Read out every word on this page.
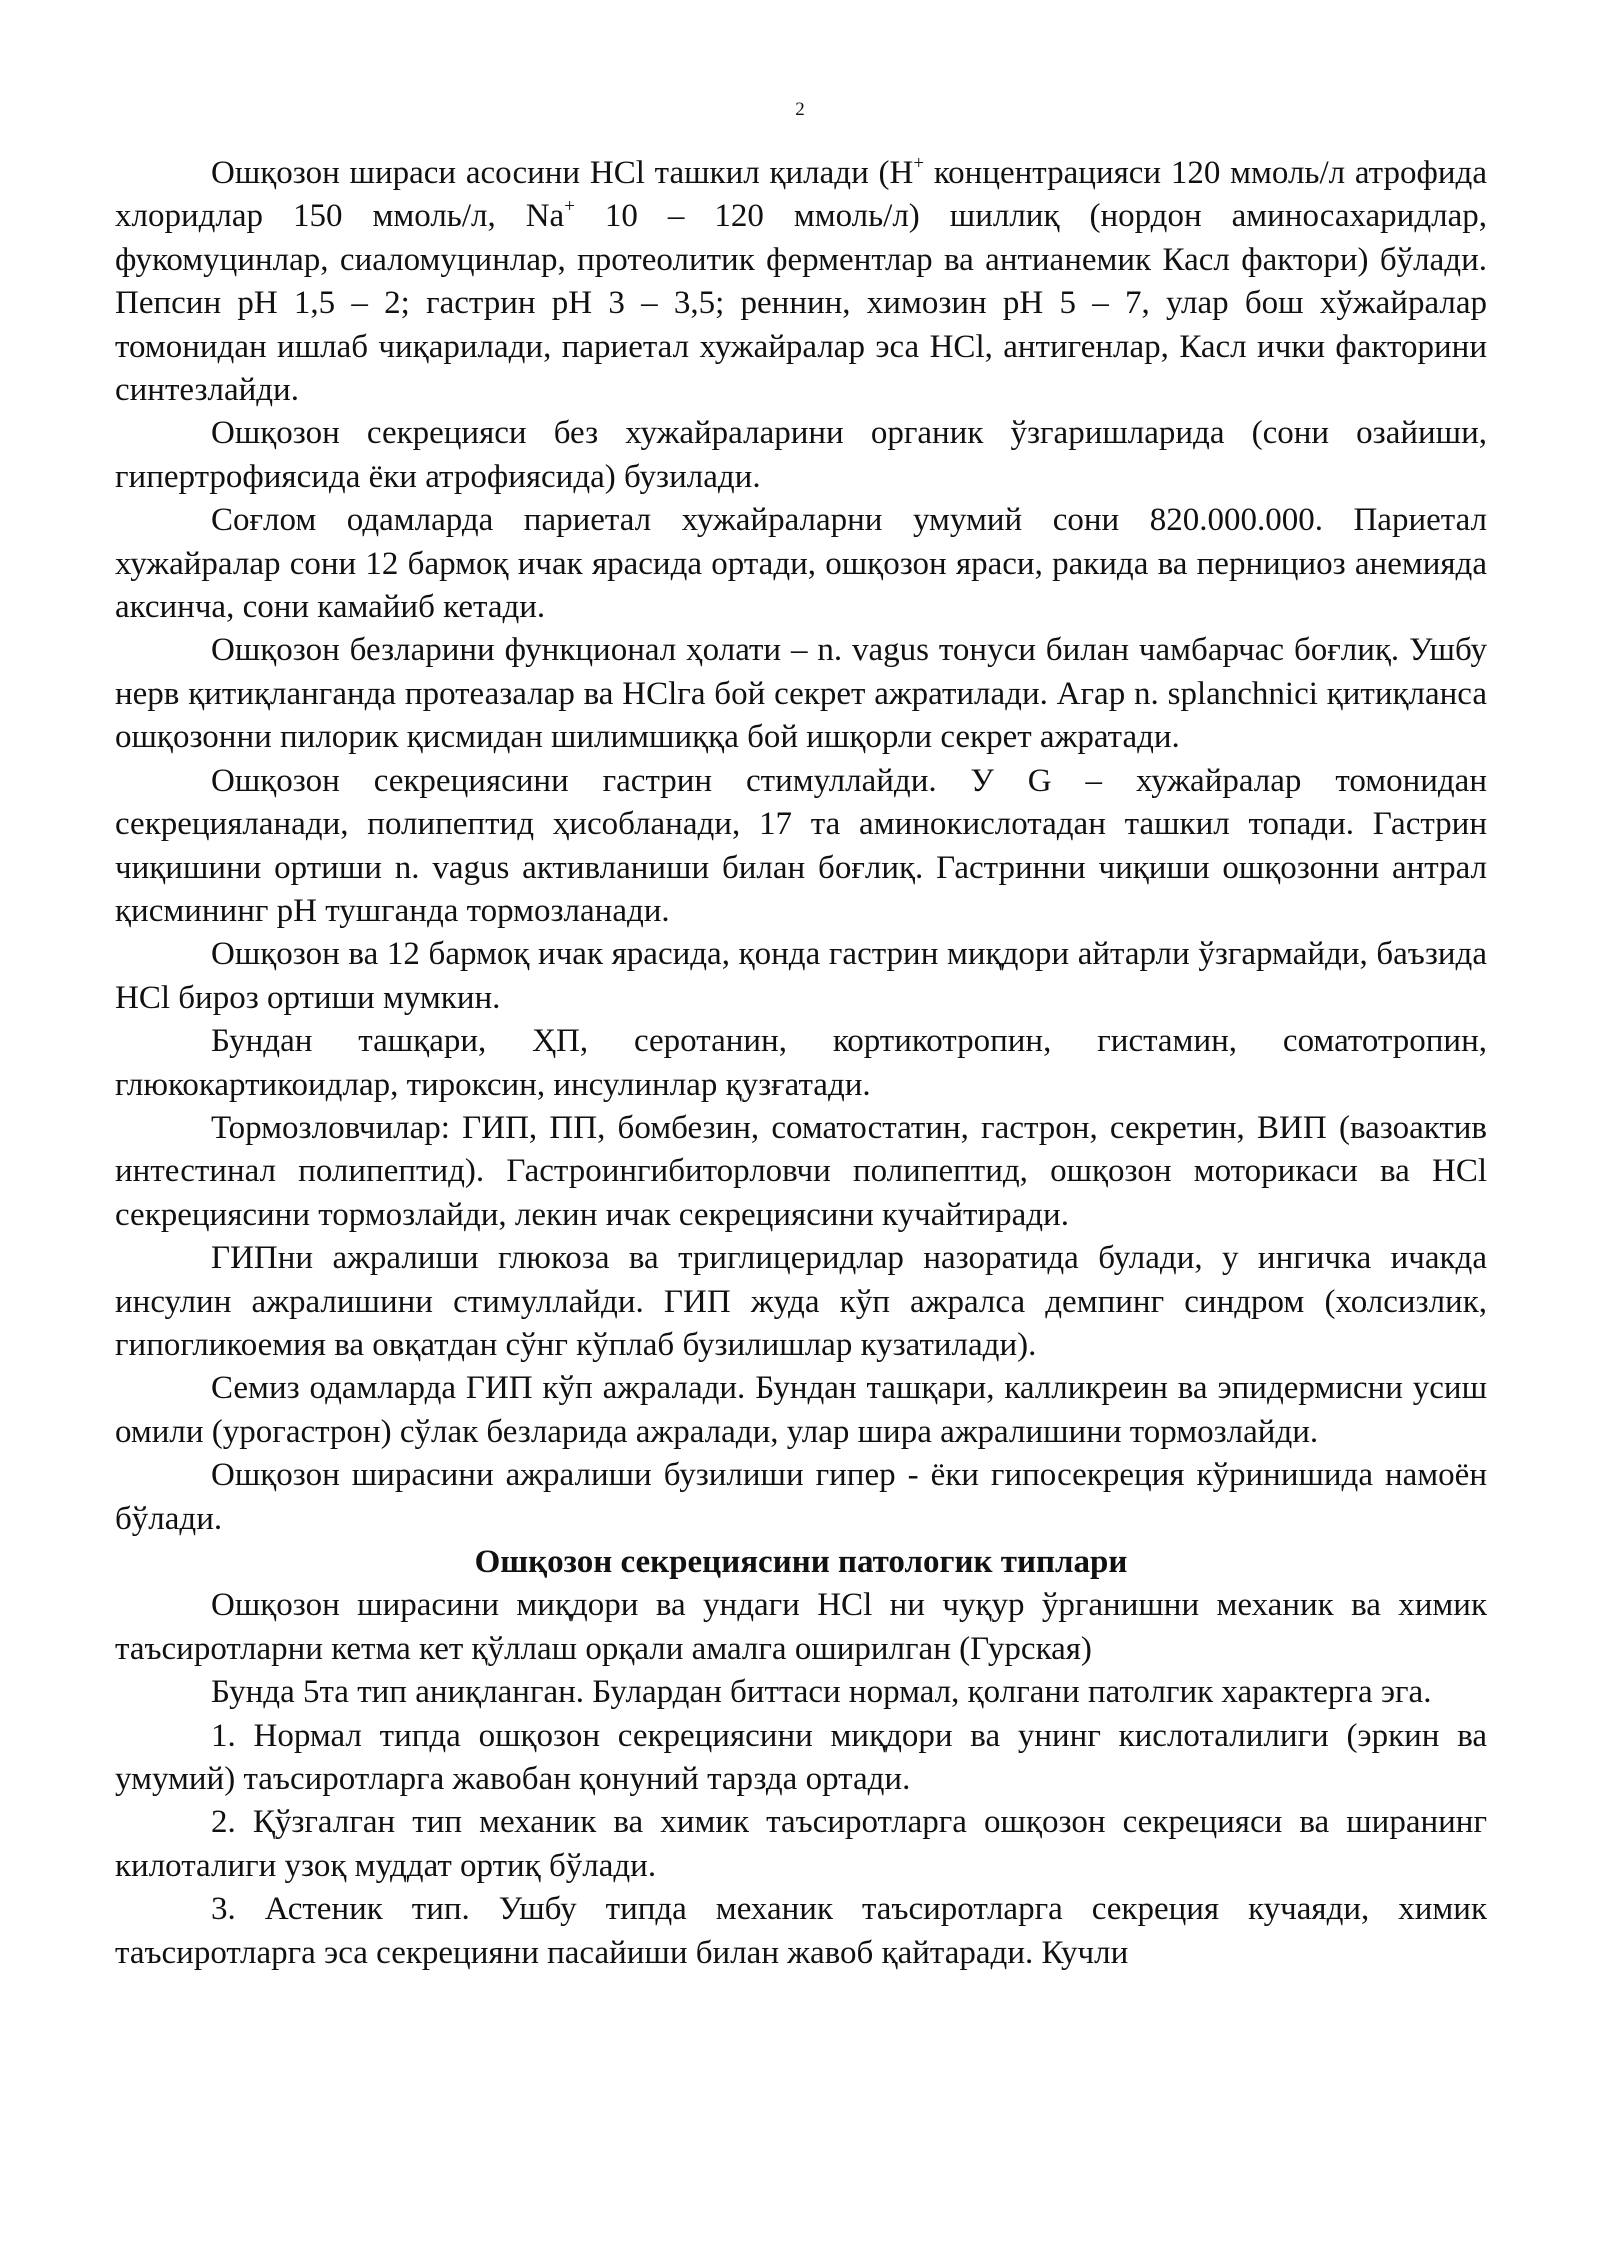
2

Ошқозон шираси асосини HCl ташкил қилади (H+ концентрацияси 120 ммоль/л атрофида хлоридлар 150 ммоль/л, Na+ 10 – 120 ммоль/л) шиллиқ (нордон аминосахаридлар, фукомуцинлар, сиаломуцинлар, протеолитик ферментлар ва антианемик Касл фактори) бўлади. Пепсин рН 1,5 – 2; гастрин рН 3 – 3,5; реннин, химозин рН 5 – 7, улар бош хўжайралар томонидан ишлаб чиқарилади, париетал хужайралар эса HCl, антигенлар, Касл ички факторини синтезлайди.

Ошқозон секрецияси без хужайраларини органик ўзгаришларида (сони озайиши, гипертрофиясида ёки атрофиясида) бузилади.

Соғлом одамларда париетал хужайраларни умумий сони 820.000.000. Париетал хужайралар сони 12 бармоқ ичак ярасида ортади, ошқозон яраси, ракида ва пернициоз анемияда аксинча, сони камайиб кетади.

Ошқозон безларини функционал ҳолати – n. vagus тонуси билан чамбарчас боғлиқ. Ушбу нерв қитиқланганда протеазалар ва HClга бой секрет ажратилади. Агар n. splanchnici қитиқланса ошқозонни пилорик қисмидан шилимшиққа бой ишқорли секрет ажратади.

Ошқозон секрециясини гастрин стимуллайди. У G – хужайралар томонидан секрецияланади, полипептид ҳисобланади, 17 та аминокислотадан ташкил топади. Гастрин чиқишини ортиши n. vagus активланиши билан боғлиқ. Гастринни чиқиши ошқозонни антрал қисмининг рН тушганда тормозланади.

Ошқозон ва 12 бармоқ ичак ярасида, қонда гастрин миқдори айтарли ўзгармайди, баъзида HCl бироз ортиши мумкин.

Бундан ташқари, ҲП, серотанин, кортикотропин, гистамин, соматотропин, глюкокартикоидлар, тироксин, инсулинлар қузғатади.

Тормозловчилар: ГИП, ПП, бомбезин, соматостатин, гастрон, секретин, ВИП (вазоактив интестинал полипептид). Гастроингибиторловчи полипептид, ошқозон моторикаси ва HCl секрециясини тормозлайди, лекин ичак секрециясини кучайтиради.

ГИПни ажралиши глюкоза ва триглицеридлар назоратида булади, у ингичка ичакда инсулин ажралишини стимуллайди. ГИП жуда кўп ажралса демпинг синдром (холсизлик, гипогликоемия ва овқатдан сўнг кўплаб бузилишлар кузатилади).

Семиз одамларда ГИП кўп ажралади. Бундан ташқари, калликреин ва эпидермисни усиш омили (урогастрон) сўлак безларида ажралади, улар шира ажралишини тормозлайди.

Ошқозон ширасини ажралиши бузилиши гипер - ёки гипосекреция кўринишида намоён бўлади.

Ошқозон секрециясини патологик типлари

Ошқозон ширасини миқдори ва ундаги HCl ни чуқур ўрганишни механик ва химик таъсиротларни кетма кет қўллаш орқали амалга оширилган (Гурская)

Бунда 5та тип аниқланган. Булардан биттаси нормал, қолгани патолгик характерга эга.

1. Нормал типда ошқозон секрециясини миқдори ва унинг кислоталилиги (эркин ва умумий) таъсиротларга жавобан қонуний тарзда ортади.

2. Қўзгалган тип механик ва химик таъсиротларга ошқозон секрецияси ва ширанинг килоталиги узоқ муддат ортиқ бўлади.

3. Астеник тип. Ушбу типда механик таъсиротларга секреция кучаяди, химик таъсиротларга эса секрецияни пасайиши билан жавоб қайтаради. Кучли
